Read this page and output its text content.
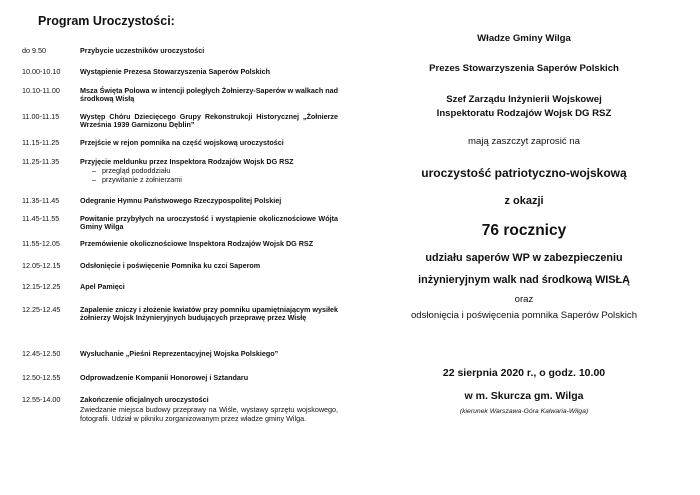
Program Uroczystości:
do 9.50	Przybycie uczestników uroczystości
10.00-10.10	Wystąpienie Prezesa Stowarzyszenia Saperów Polskich
10.10-11.00	Msza Święta Polowa w intencji poległych Żołnierzy-Saperów w walkach nad środkową Wisłą
11.00-11.15	Występ Chóru Dziecięcego Grupy Rekonstrukcji Historycznej „Żołnierze Września 1939 Garnizonu Dęblin”
11.15-11.25	Przejście w rejon pomnika na część wojskową uroczystości
11.25-11.35	Przyjęcie meldunku przez Inspektora Rodzajów Wojsk DG RSZ
– przegląd pododdziału
– przywitanie z żołnierzami
11.35-11.45	Odegranie Hymnu Państwowego Rzeczypospolitej Polskiej
11.45-11.55	Powitanie przybyłych na uroczystość i wystąpienie okolicznościowe Wójta Gminy Wilga
11.55-12.05	Przemówienie okolicznościowe Inspektora Rodzajów Wojsk DG RSZ
12.05-12.15	Odsłonięcie i poświęcenie Pomnika ku czci Saperom
12.15-12.25	Apel Pamięci
12.25-12.45	Zapalenie zniczy i złożenie kwiatów przy pomniku upamiętniającym wysiłek żołnierzy Wojsk Inżynieryjnych budujących przeprawę przez Wisłę
12.45-12.50	Wysłuchanie „Pieśni Reprezentacyjnej Wojska Polskiego”
12.50-12.55	Odprowadzenie Kompanii Honorowej i Sztandaru
12.55-14.00	Zakończenie oficjalnych uroczystości
Zwiedzanie miejsca budowy przeprawy na Wiśle, wystawy sprzętu wojskowego, fotografii. Udział w pikniku zorganizowanym przez władze gminy Wilga.
Władze Gminy Wilga
Prezes Stowarzyszenia Saperów Polskich
Szef Zarządu Inżynierii Wojskowej
Inspektoratu Rodzajów Wojsk DG RSZ
mają zaszczyt zaprosić na
uroczystość patriotyczno-wojskową
z okazji
76 rocznicy
udziału saperów WP w zabezpieczeniu
inżynieryjnym walk nad środkową WISŁĄ
oraz
odsłonięcia i poświęcenia pomnika Saperów Polskich
22 sierpnia 2020 r., o godz. 10.00
w m. Skurcza gm. Wilga
(kierunek Warszawa-Góra Kalwaria-Wilga)
